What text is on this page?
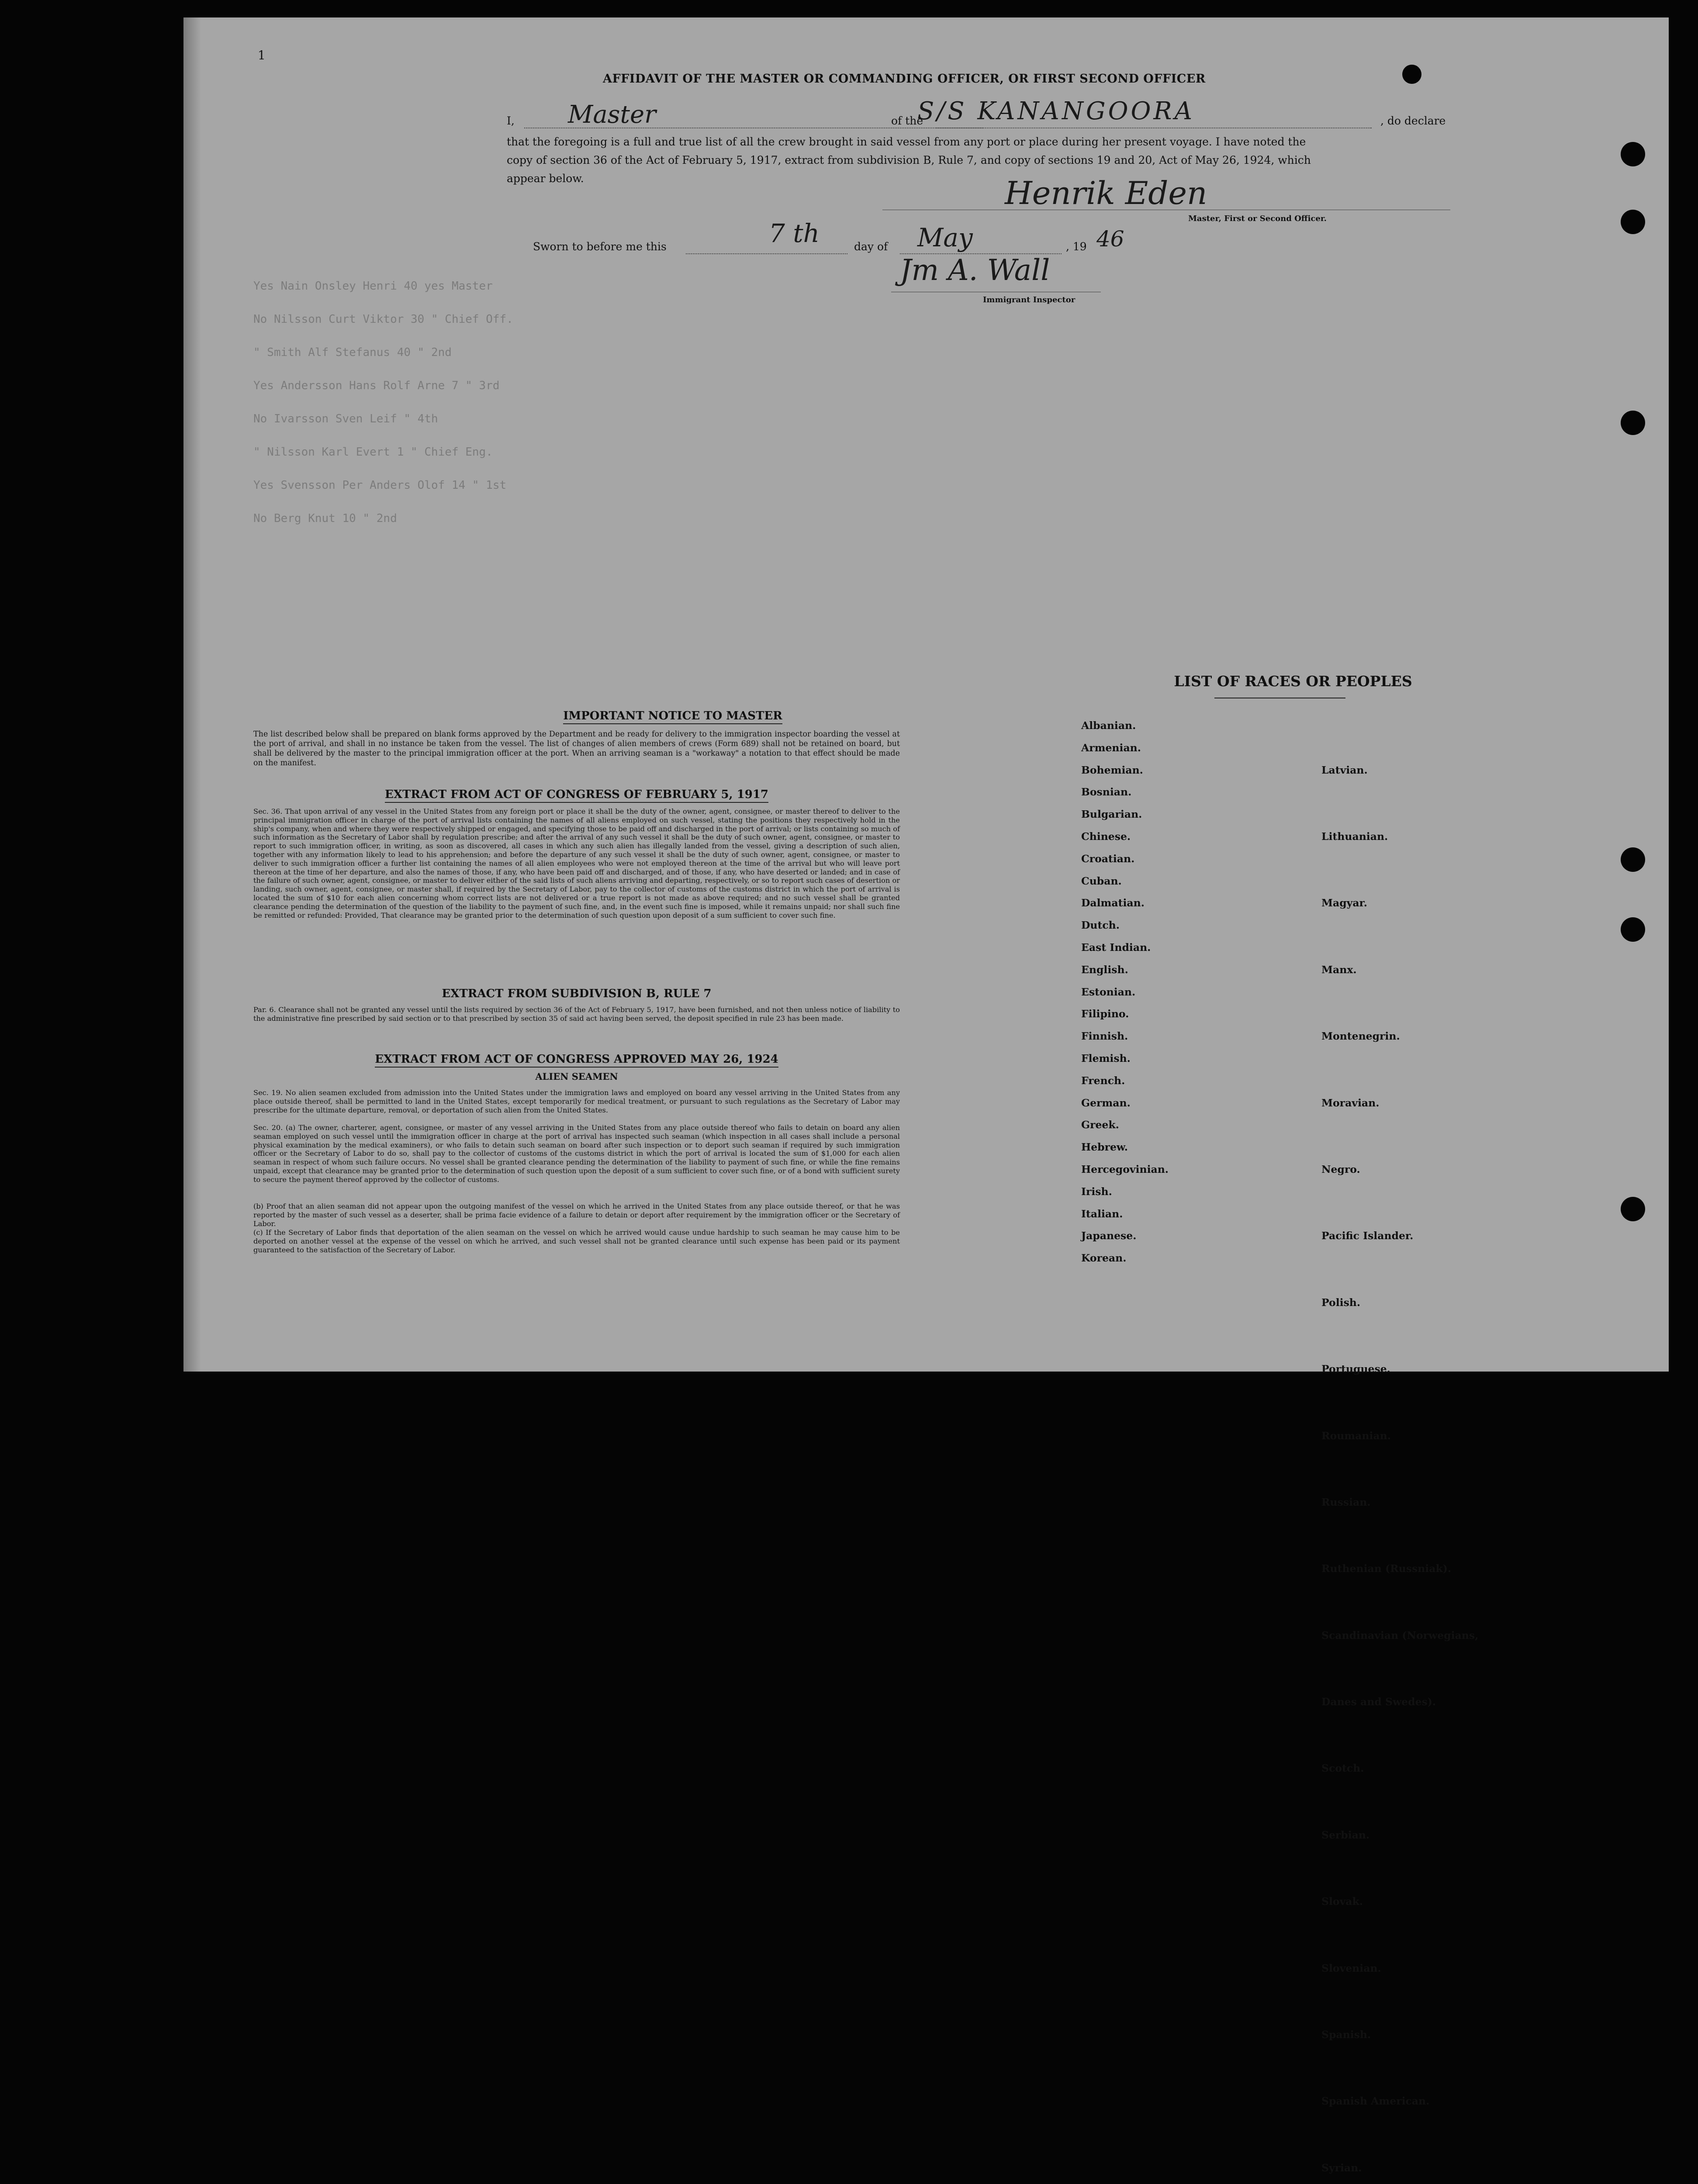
Yes Nain Onsley Henri 40 yes Master
No Nilsson Curt Viktor 30 " Chief Off.
" Smith Alf Stefanus 40 " 2nd
Yes Andersson Hans Rolf Arne 7 " 3rd
No Ivarsson Sven Leif " 4th
" Nilsson Karl Evert 1 " Chief Eng.
Yes Svensson Per Anders Olof 14 " 1st
No Berg Knut 10 " 2nd
1
AFFIDAVIT OF THE MASTER OR COMMANDING OFFICER, OR FIRST SECOND OFFICER
I, Master	of the
S/S KANANGOORA	, do declare
that the foregoing is a full and true list of all the crew brought in said vessel from any port or place during her present voyage. I have noted the
copy of section 36 of the Act of February 5, 1917, extract from subdivision B, Rule 7, and copy of sections 19 and 20, Act of May 26, 1924, which
appear below.	Henrik Eden
Master, First or Second Officer.
Sworn to before me this	7 th	day of May	, 19 46
Jm A. Wall
Immigrant Inspector
IMPORTANT NOTICE TO MASTER
The list described below shall be prepared on blank forms approved by the Department and be ready for delivery to the immigration inspector boarding the vessel at the port of arrival, and shall in no instance be taken from the vessel. The list of changes of alien members of crews (Form 689) shall not be retained on board, but shall be delivered by the master to the principal immigration officer at the port. When an arriving seaman is a "workaway" a notation to that effect should be made on the manifest.
EXTRACT FROM ACT OF CONGRESS OF FEBRUARY 5, 1917
Sec. 36. That upon arrival of any vessel in the United States from any foreign port or place it shall be the duty of the owner, agent, consignee, or master thereof to deliver to the principal immigration officer in charge of the port of arrival lists containing the names of all aliens employed on such vessel, stating the positions they respectively hold in the ship's company, when and where they were respectively shipped or engaged, and specifying those to be paid off and discharged in the port of arrival; or lists containing so much of such information as the Secretary of Labor shall by regulation prescribe; and after the arrival of any such vessel it shall be the duty of such owner, agent, consignee, or master to report to such immigration officer, in writing, as soon as discovered, all cases in which any such alien has illegally landed from the vessel, giving a description of such alien, together with any information likely to lead to his apprehension; and before the departure of any such vessel it shall be the duty of such owner, agent, consignee, or master to deliver to such immigration officer a further list containing the names of all alien employees who were not employed thereon at the time of the arrival but who will leave port thereon at the time of her departure, and also the names of those, if any, who have been paid off and discharged, and of those, if any, who have deserted or landed; and in case of the failure of such owner, agent, consignee, or master to deliver either of the said lists of such aliens arriving and departing, respectively, or so to report such cases of desertion or landing, such owner, agent, consignee, or master shall, if required by the Secretary of Labor, pay to the collector of customs of the customs district in which the port of arrival is located the sum of $10 for each alien concerning whom correct lists are not delivered or a true report is not made as above required; and no such vessel shall be granted clearance pending the determination of the question of the liability to the payment of such fine, and, in the event such fine is imposed, while it remains unpaid; nor shall such fine be remitted or refunded: Provided, That clearance may be granted prior to the determination of such question upon deposit of a sum sufficient to cover such fine.
EXTRACT FROM SUBDIVISION B, RULE 7
Par. 6. Clearance shall not be granted any vessel until the lists required by section 36 of the Act of February 5, 1917, have been furnished, and not then unless notice of liability to the administrative fine prescribed by said section or to that prescribed by section 35 of said act having been served, the deposit specified in rule 23 has been made.
EXTRACT FROM ACT OF CONGRESS APPROVED MAY 26, 1924
ALIEN SEAMEN
Sec. 19. No alien seamen excluded from admission into the United States under the immigration laws and employed on board any vessel arriving in the United States from any place outside thereof, shall be permitted to land in the United States, except temporarily for medical treatment, or pursuant to such regulations as the Secretary of Labor may prescribe for the ultimate departure, removal, or deportation of such alien from the United States.
Sec. 20. (a) The owner, charterer, agent, consignee, or master of any vessel arriving in the United States from any place outside thereof who fails to detain on board any alien seaman employed on such vessel until the immigration officer in charge at the port of arrival has inspected such seaman (which inspection in all cases shall include a personal physical examination by the medical examiners), or who fails to detain such seaman on board after such inspection or to deport such seaman if required by such immigration officer or the Secretary of Labor to do so, shall pay to the collector of customs of the customs district in which the port of arrival is located the sum of $1,000 for each alien seaman in respect of whom such failure occurs. No vessel shall be granted clearance pending the determination of the liability to payment of such fine, or while the fine remains unpaid, except that clearance may be granted prior to the determination of such question upon the deposit of a sum sufficient to cover such fine, or of a bond with sufficient surety to secure the payment thereof approved by the collector of customs.
(b) Proof that an alien seaman did not appear upon the outgoing manifest of the vessel on which he arrived in the United States from any place outside thereof, or that he was reported by the master of such vessel as a deserter, shall be prima facie evidence of a failure to detain or deport after requirement by the immigration officer or the Secretary of Labor.
(c) If the Secretary of Labor finds that deportation of the alien seaman on the vessel on which he arrived would cause undue hardship to such seaman he may cause him to be deported on another vessel at the expense of the vessel on which he arrived, and such vessel shall not be granted clearance until such expense has been paid or its payment guaranteed to the satisfaction of the Secretary of Labor.
LIST OF RACES OR PEOPLES
Albanian.
Armenian.
Bohemian.
Bosnian.
Bulgarian.
Chinese.
Croatian.
Cuban.
Dalmatian.
Dutch.
East Indian.
English.
Estonian.
Filipino.
Finnish.
Flemish.
French.
German.
Greek.
Hebrew.
Hercegovinian.
Irish.
Italian.
Japanese.
Korean.

Latvian.

Lithuanian.

Magyar.

Manx.

Montenegrin.

Moravian.

Negro.

Pacific Islander.

Polish.

Portuguese.

Roumanian.

Russian.

Ruthenian (Russniak).

Scandinavian (Norwegians,

Danes and Swedes).

Scotch.

Serbian.

Slovak.

Slovenian.

Spanish.

Spanish American.

Syrian.
